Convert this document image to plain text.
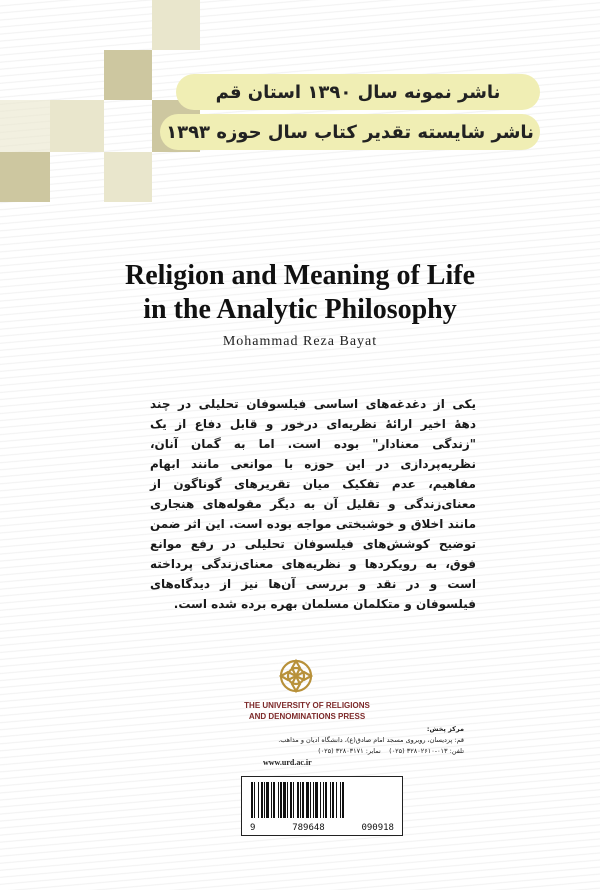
ناشر نمونه سال ۱۳۹۰ استان قم
ناشر شایسته تقدیر کتاب سال حوزه ۱۳۹۳
Religion and Meaning of Life
in the Analytic Philosophy
Mohammad Reza Bayat
یکی از دغدغه‌های اساسی فیلسوفان تحلیلی در چند دههٔ اخیر ارائهٔ نظریه‌ای درخور و قابل دفاع از یک "زندگی معنادار" بوده است. اما به گمان آنان، نظریه‌پردازی در این حوزه با موانعی مانند ابهام مفاهیم، عدم تفکیک میان تقریرهای گوناگون از معنای‌زندگی و تقلیل آن به دیگر مقوله‌های هنجاری مانند اخلاق و خوشبختی مواجه بوده است. این اثر ضمن توضیح کوشش‌های فیلسوفان تحلیلی در رفع موانع فوق، به رویکردها و نظریه‌های معنای‌زندگی پرداخته است و در نقد و بررسی آن‌ها نیز از دیدگاه‌های فیلسوفان و متکلمان مسلمان بهره برده شده است.
THE UNIVERSITY OF RELIGIONS
AND DENOMINATIONS PRESS
مرکز پخش:
قم: پردیسان، روبروی مسجد امام صادق(ع)، دانشگاه ادیان و مذاهب.
تلفن: ۰۱۳-۳۲۸۰۲۶۱۰ (۰۲۵)    نمابر: ۳۲۸۰۳۱۷۱ (۰۲۵)
www.urd.ac.ir
9	789648	090918
